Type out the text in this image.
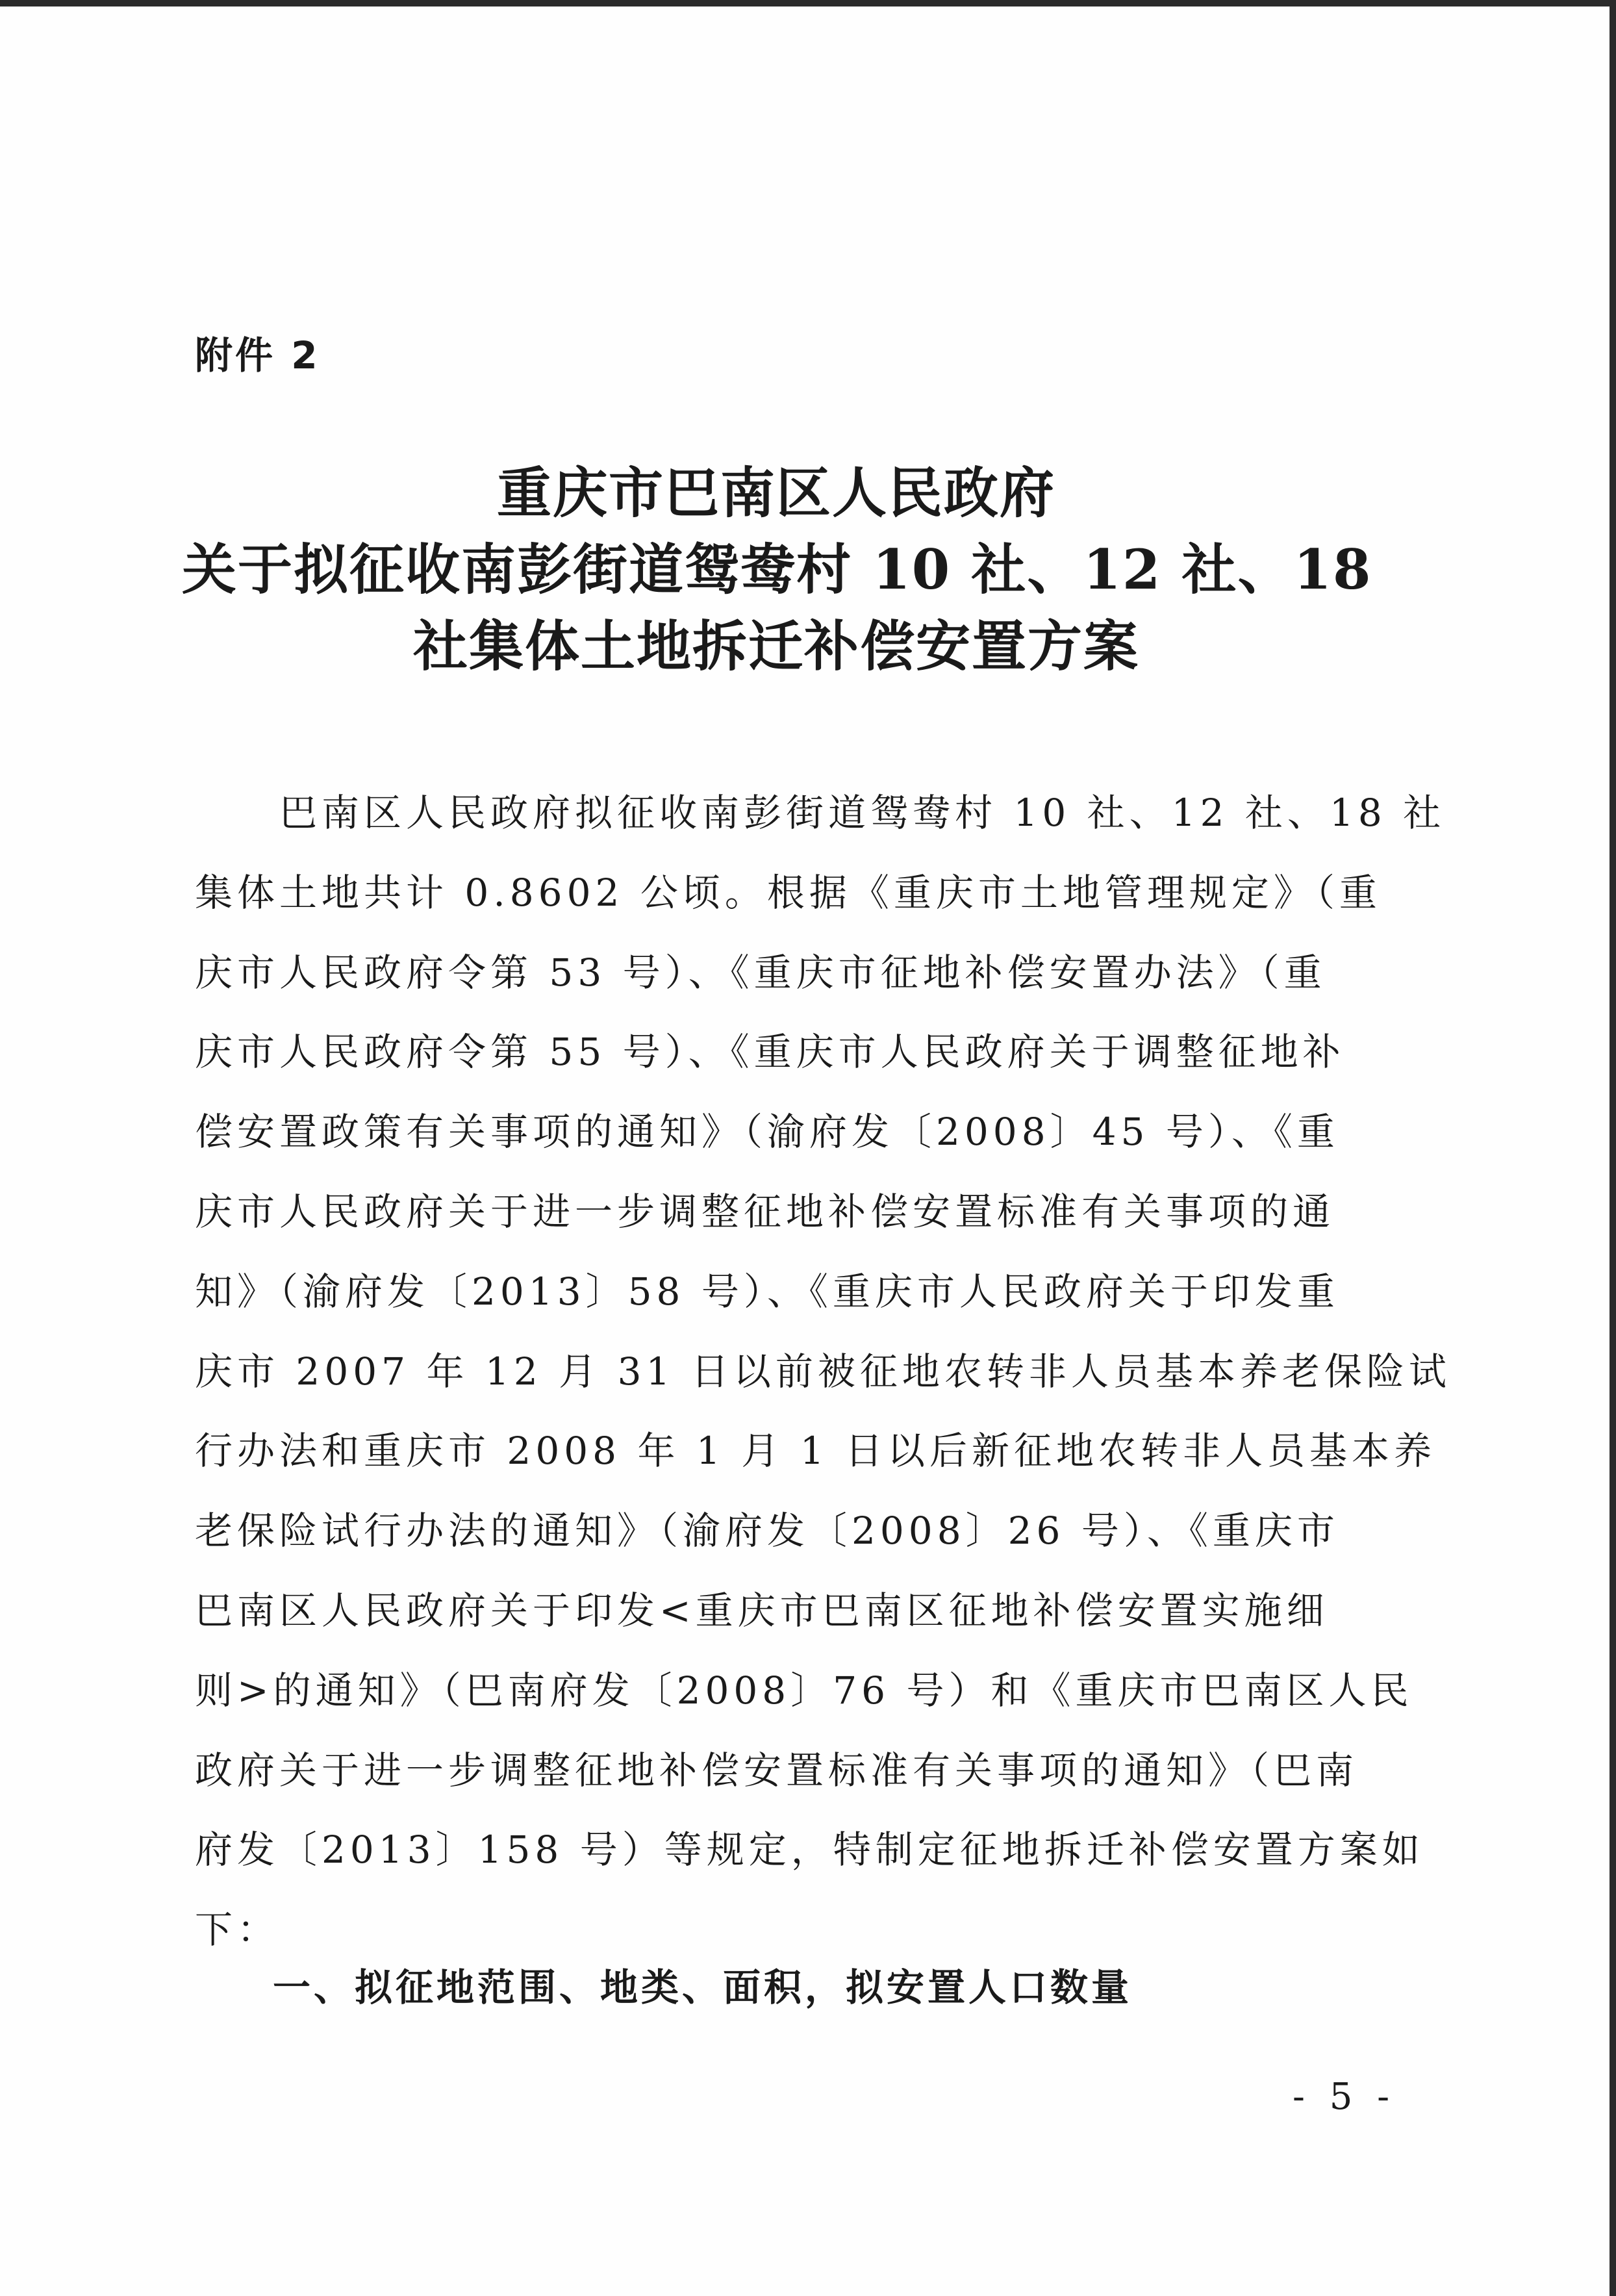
附件 2
重庆市巴南区人民政府
关于拟征收南彭街道鸳鸯村 10 社、12 社、18
社集体土地拆迁补偿安置方案
　　巴南区人民政府拟征收南彭街道鸳鸯村 10 社、12 社、18 社
集体土地共计 0.8602 公顷。根据《重庆市土地管理规定》（重
庆市人民政府令第 53 号）、《重庆市征地补偿安置办法》（重
庆市人民政府令第 55 号）、《重庆市人民政府关于调整征地补
偿安置政策有关事项的通知》（渝府发〔2008〕45 号）、《重
庆市人民政府关于进一步调整征地补偿安置标准有关事项的通
知》（渝府发〔2013〕58 号）、《重庆市人民政府关于印发重
庆市 2007 年 12 月 31 日以前被征地农转非人员基本养老保险试
行办法和重庆市 2008 年 1 月 1 日以后新征地农转非人员基本养
老保险试行办法的通知》（渝府发〔2008〕26 号）、《重庆市
巴南区人民政府关于印发<重庆市巴南区征地补偿安置实施细
则>的通知》（巴南府发〔2008〕76 号）和《重庆市巴南区人民
政府关于进一步调整征地补偿安置标准有关事项的通知》（巴南
府发〔2013〕158 号）等规定，特制定征地拆迁补偿安置方案如
下：
一、拟征地范围、地类、面积，拟安置人口数量
- 5 -
